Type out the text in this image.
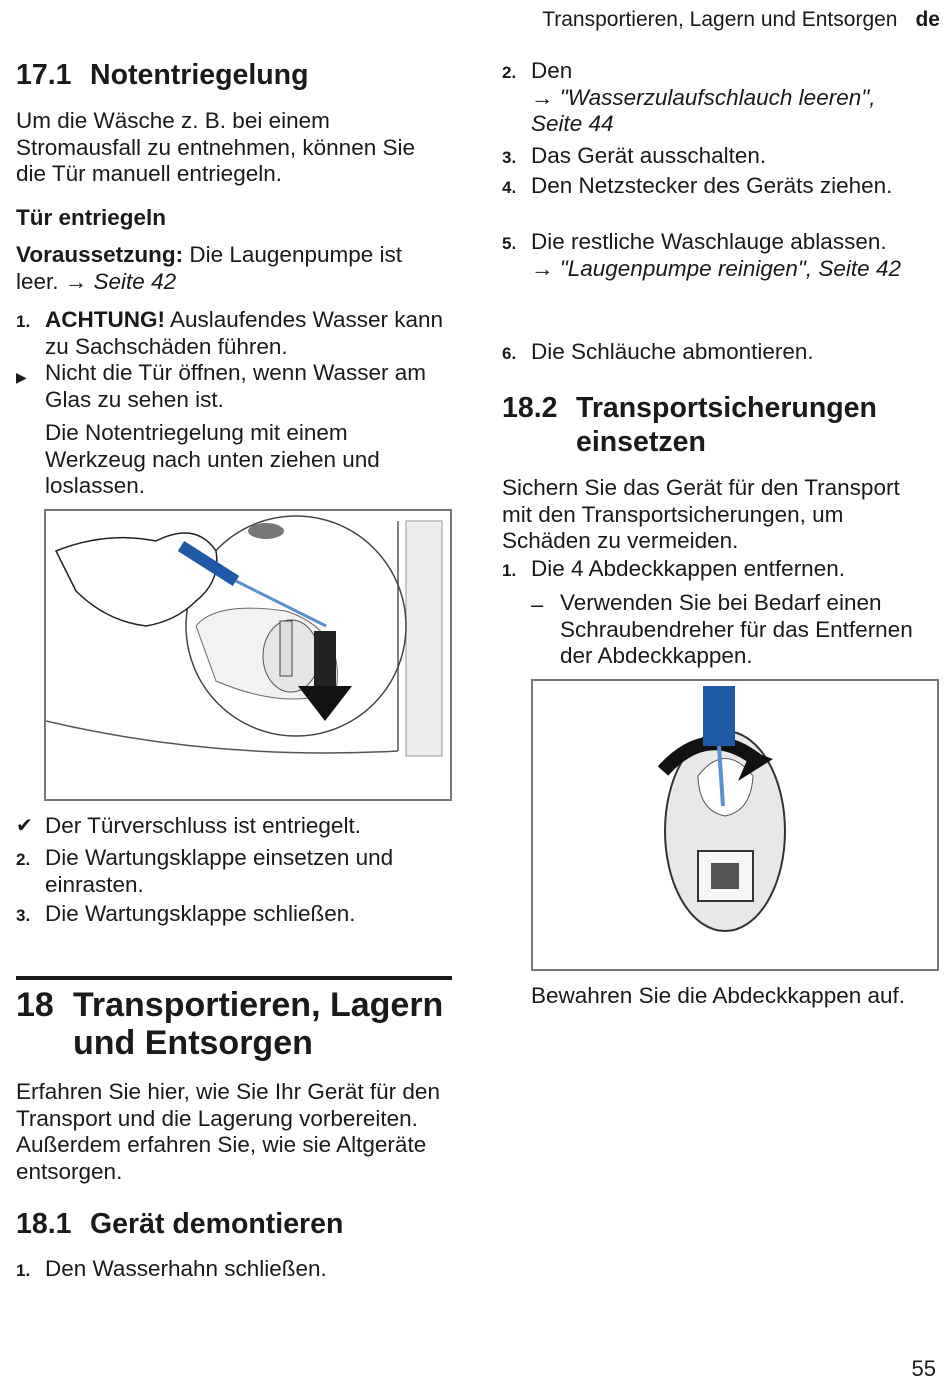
Transportieren, Lagern und Entsorgen de
17.1 Notentriegelung

Um die Wäsche z. B. bei einem Stromausfall zu entnehmen, können Sie die Tür manuell entriegeln.

Tür entriegeln

Voraussetzung: Die Laugenpumpe ist leer. → Seite 42

1. ACHTUNG! Auslaufendes Wasser kann zu Sachschäden führen.
▶ Nicht die Tür öffnen, wenn Wasser am Glas zu sehen ist.

Die Notentriegelung mit einem Werkzeug nach unten ziehen und loslassen.

✔ Der Türverschluss ist entriegelt.
2. Die Wartungsklappe einsetzen und einrasten.
3. Die Wartungsklappe schließen.
18 Transportieren, Lagern und Entsorgen

Erfahren Sie hier, wie Sie Ihr Gerät für den Transport und die Lagerung vorbereiten. Außerdem erfahren Sie, wie sie Altgeräte entsorgen.

18.1 Gerät demontieren
1. Den Wasserhahn schließen.
2. Den
→ "Wasserzulaufschlauch leeren", Seite 44
3. Das Gerät ausschalten.
4. Den Netzstecker des Geräts ziehen.
5. Die restliche Waschlauge ablassen.
→ "Laugenpumpe reinigen", Seite 42
6. Die Schläuche abmontieren.
18.2 Transportsicherungen einsetzen

Sichern Sie das Gerät für den Transport mit den Transportsicherungen, um Schäden zu vermeiden.

1. Die 4 Abdeckkappen entfernen.
– Verwenden Sie bei Bedarf einen Schraubendreher für das Entfernen der Abdeckkappen.

Bewahren Sie die Abdeckkappen auf.

55
